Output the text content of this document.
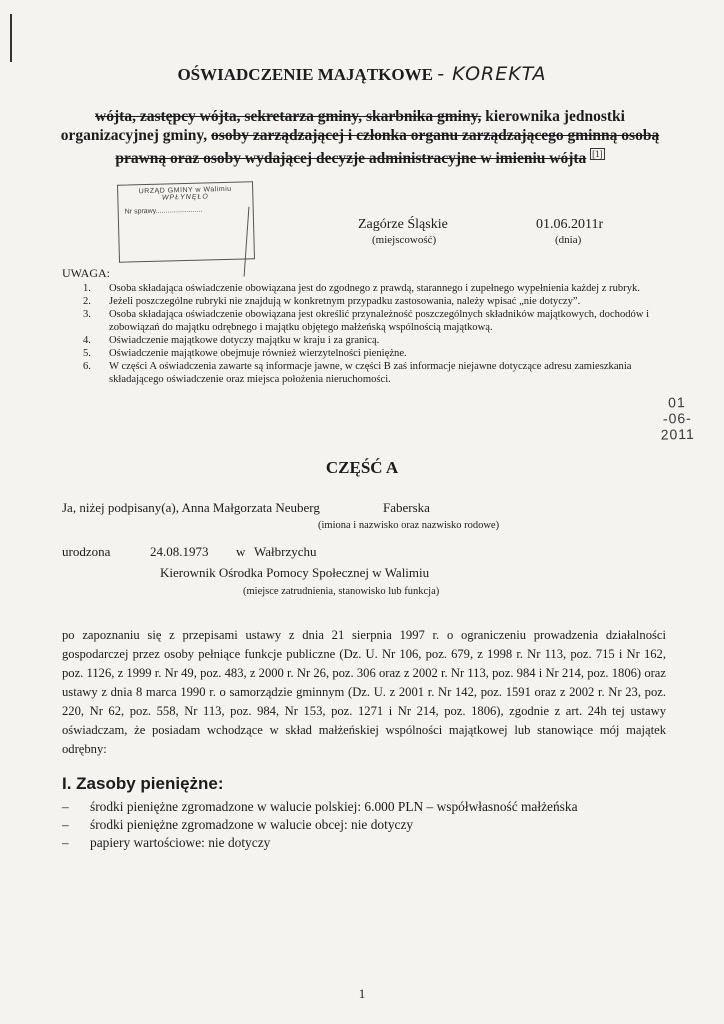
OŚWIADCZENIE MAJĄTKOWE - KOREKTA
wójta, zastępcy wójta, sekretarza gminy, skarbnika gminy, kierownika jednostki organizacyjnej gminy, osoby zarządzającej i członka organu zarządzającego gminną osobą prawną oraz osoby wydającej decyzje administracyjne w imieniu wójta [1]
URZĄD GMINY w Walimiu
WPŁYNĘŁO
01 -06- 2011
Nr sprawy........................
Zagórze Śląskie
(miejscowość)
01.06.2011r
(dnia)
UWAGA:
1.	Osoba składająca oświadczenie obowiązana jest do zgodnego z prawdą, starannego i zupełnego wypełnienia każdej z rubryk.
2.	Jeżeli poszczególne rubryki nie znajdują w konkretnym przypadku zastosowania, należy wpisać „nie dotyczy”.
3.	Osoba składająca oświadczenie obowiązana jest określić przynależność poszczególnych składników majątkowych, dochodów i zobowiązań do majątku odrębnego i majątku objętego małżeńską wspólnością majątkową.
4.	Oświadczenie majątkowe dotyczy majątku w kraju i za granicą.
5.	Oświadczenie majątkowe obejmuje również wierzytelności pieniężne.
6.	W części A oświadczenia zawarte są informacje jawne, w części B zaś informacje niejawne dotyczące adresu zamieszkania składającego oświadczenie oraz miejsca położenia nieruchomości.
CZĘŚĆ A
Ja, niżej podpisany(a), Anna Małgorzata Neuberg	Faberska
(imiona i nazwisko oraz nazwisko rodowe)
urodzona	24.08.1973 w Wałbrzychu
Kierownik Ośrodka Pomocy Społecznej w Walimiu
(miejsce zatrudnienia, stanowisko lub funkcja)
po zapoznaniu się z przepisami ustawy z dnia 21 sierpnia 1997 r. o ograniczeniu prowadzenia działalności gospodarczej przez osoby pełniące funkcje publiczne (Dz. U. Nr 106, poz. 679, z 1998 r. Nr 113, poz. 715 i Nr 162, poz. 1126, z 1999 r. Nr 49, poz. 483, z 2000 r. Nr 26, poz. 306 oraz z 2002 r. Nr 113, poz. 984 i Nr 214, poz. 1806) oraz ustawy z dnia 8 marca 1990 r. o samorządzie gminnym (Dz. U. z 2001 r. Nr 142, poz. 1591 oraz z 2002 r. Nr 23, poz. 220, Nr 62, poz. 558, Nr 113, poz. 984, Nr 153, poz. 1271 i Nr 214, poz. 1806), zgodnie z art. 24h tej ustawy oświadczam, że posiadam wchodzące w skład małżeńskiej wspólności majątkowej lub stanowiące mój majątek odrębny:
I. Zasoby pieniężne:
–	środki pieniężne zgromadzone w walucie polskiej: 6.000 PLN – współwłasność małżeńska
–	środki pieniężne zgromadzone w walucie obcej: nie dotyczy
–	papiery wartościowe: nie dotyczy
1
